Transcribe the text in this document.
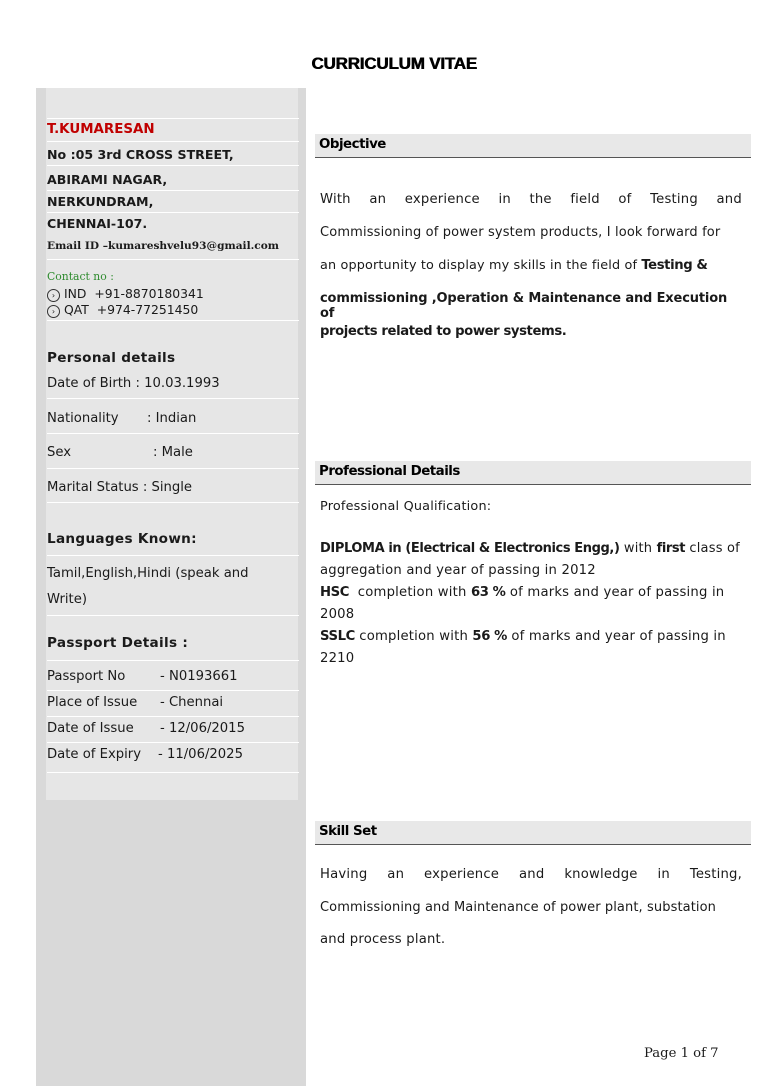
CURRICULUM VITAE
T.KUMARESAN
No :05 3rd CROSS STREET,
ABIRAMI NAGAR,
NERKUNDRAM,
CHENNAI-107.
Email ID –kumareshvelu93@gmail.com
Contact no :
› IND +91-8870180341
› QAT +974-77251450
Personal details
Date of Birth : 10.03.1993
Nationality : Indian
Sex	: Male
Marital Status : Single
Languages Known:
Tamil,English,Hindi (speak and
Write)
Passport Details :
Passport No	- N0193661
Place of Issue - Chennai
Date of Issue - 12/06/2015
Date of Expiry - 11/06/2025
Objective
With an experience in the field of Testing and
Commissioning of power system products, I look forward for
an opportunity to display my skills in the field of Testing &
commissioning ,Operation & Maintenance and Execution of
projects related to power systems.
Professional Details
Professional Qualification:
DIPLOMA in (Electrical & Electronics Engg,) with first class of
aggregation and year of passing in 2012
HSC  completion with 63 % of marks and year of passing in
2008
SSLC completion with 56 % of marks and year of passing in
2210
Skill Set
Having an experience and knowledge in Testing,
Commissioning and Maintenance of power plant, substation
and process plant.
Page 1 of 7
